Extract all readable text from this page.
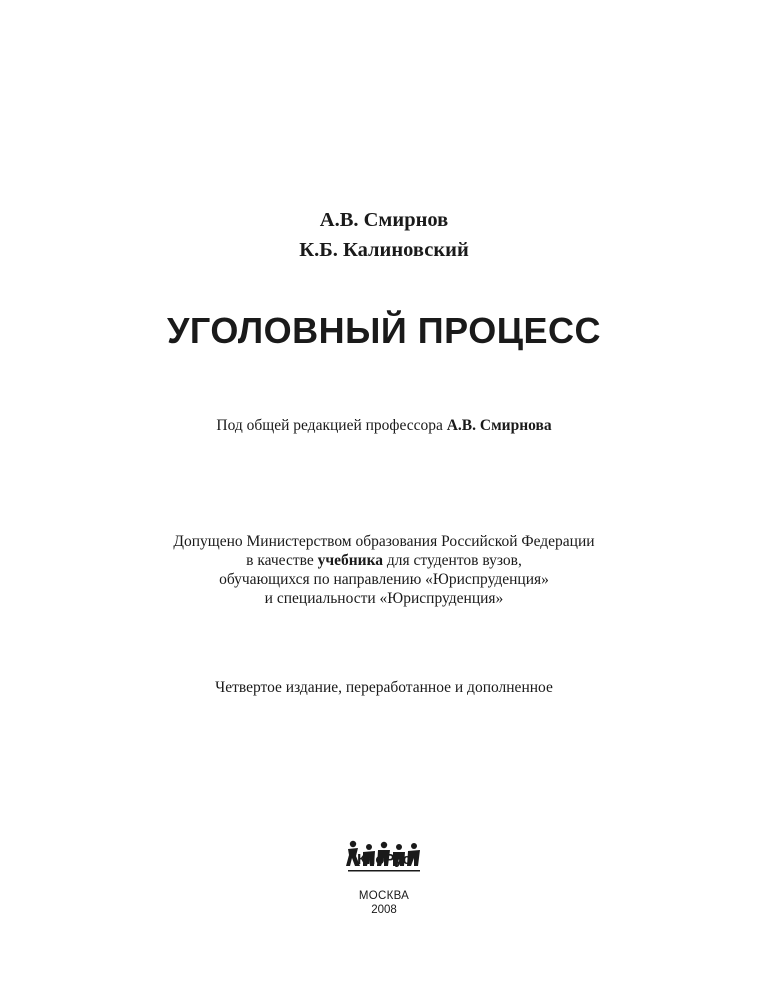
А.В. Смирнов
К.Б. Калиновский
УГОЛОВНЫЙ ПРОЦЕСС
Под общей редакцией профессора А.В. Смирнова
Допущено Министерством образования Российской Федерации
в качестве учебника для студентов вузов,
обучающихся по направлению «Юриспруденция»
и специальности «Юриспруденция»
Четвертое издание, переработанное и дополненное
КноРус
МОСКВА
2008
